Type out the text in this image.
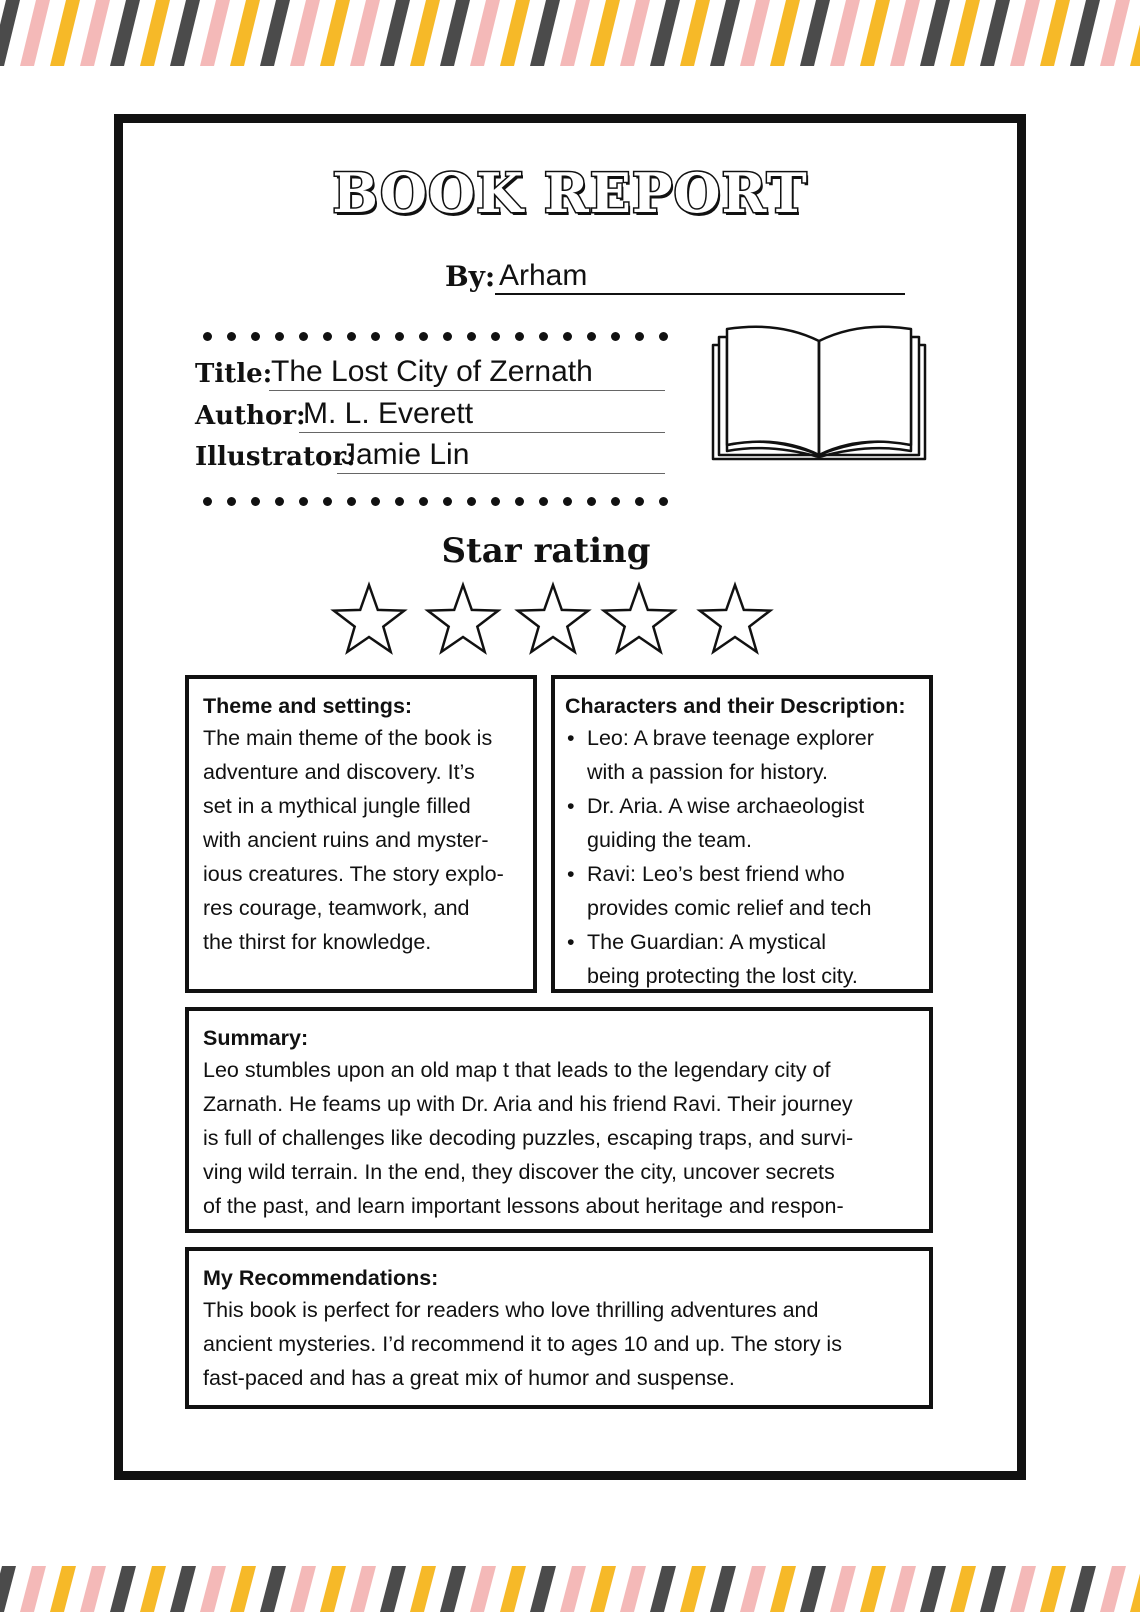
BOOK REPORT
By: Arham
Title:
The Lost City of Zernath
Author:
M. L. Everett
Illustrator:
Jamie Lin
Star rating
Theme and settings:
The main theme of the book is
adventure and discovery. It’s
set in a mythical jungle filled
with ancient ruins and myster-
ious creatures. The story explo-
res courage, teamwork, and
the thirst for knowledge.
Characters and their Description:
• Leo: A brave teenage explorer
with a passion for history.
• Dr. Aria. A wise archaeologist
guiding the team.
• Ravi: Leo’s best friend who
provides comic relief and tech
• The Guardian: A mystical
being protecting the lost city.
Summary:
Leo stumbles upon an old map t that leads to the legendary city of
Zarnath. He feams up with Dr. Aria and his friend Ravi. Their journey
is full of challenges like decoding puzzles, escaping traps, and survi-
ving wild terrain. In the end, they discover the city, uncover secrets
of the past, and learn important lessons about heritage and respon-
My Recommendations:
This book is perfect for readers who love thrilling adventures and
ancient mysteries. I’d recommend it to ages 10 and up. The story is
fast-paced and has a great mix of humor and suspense.
